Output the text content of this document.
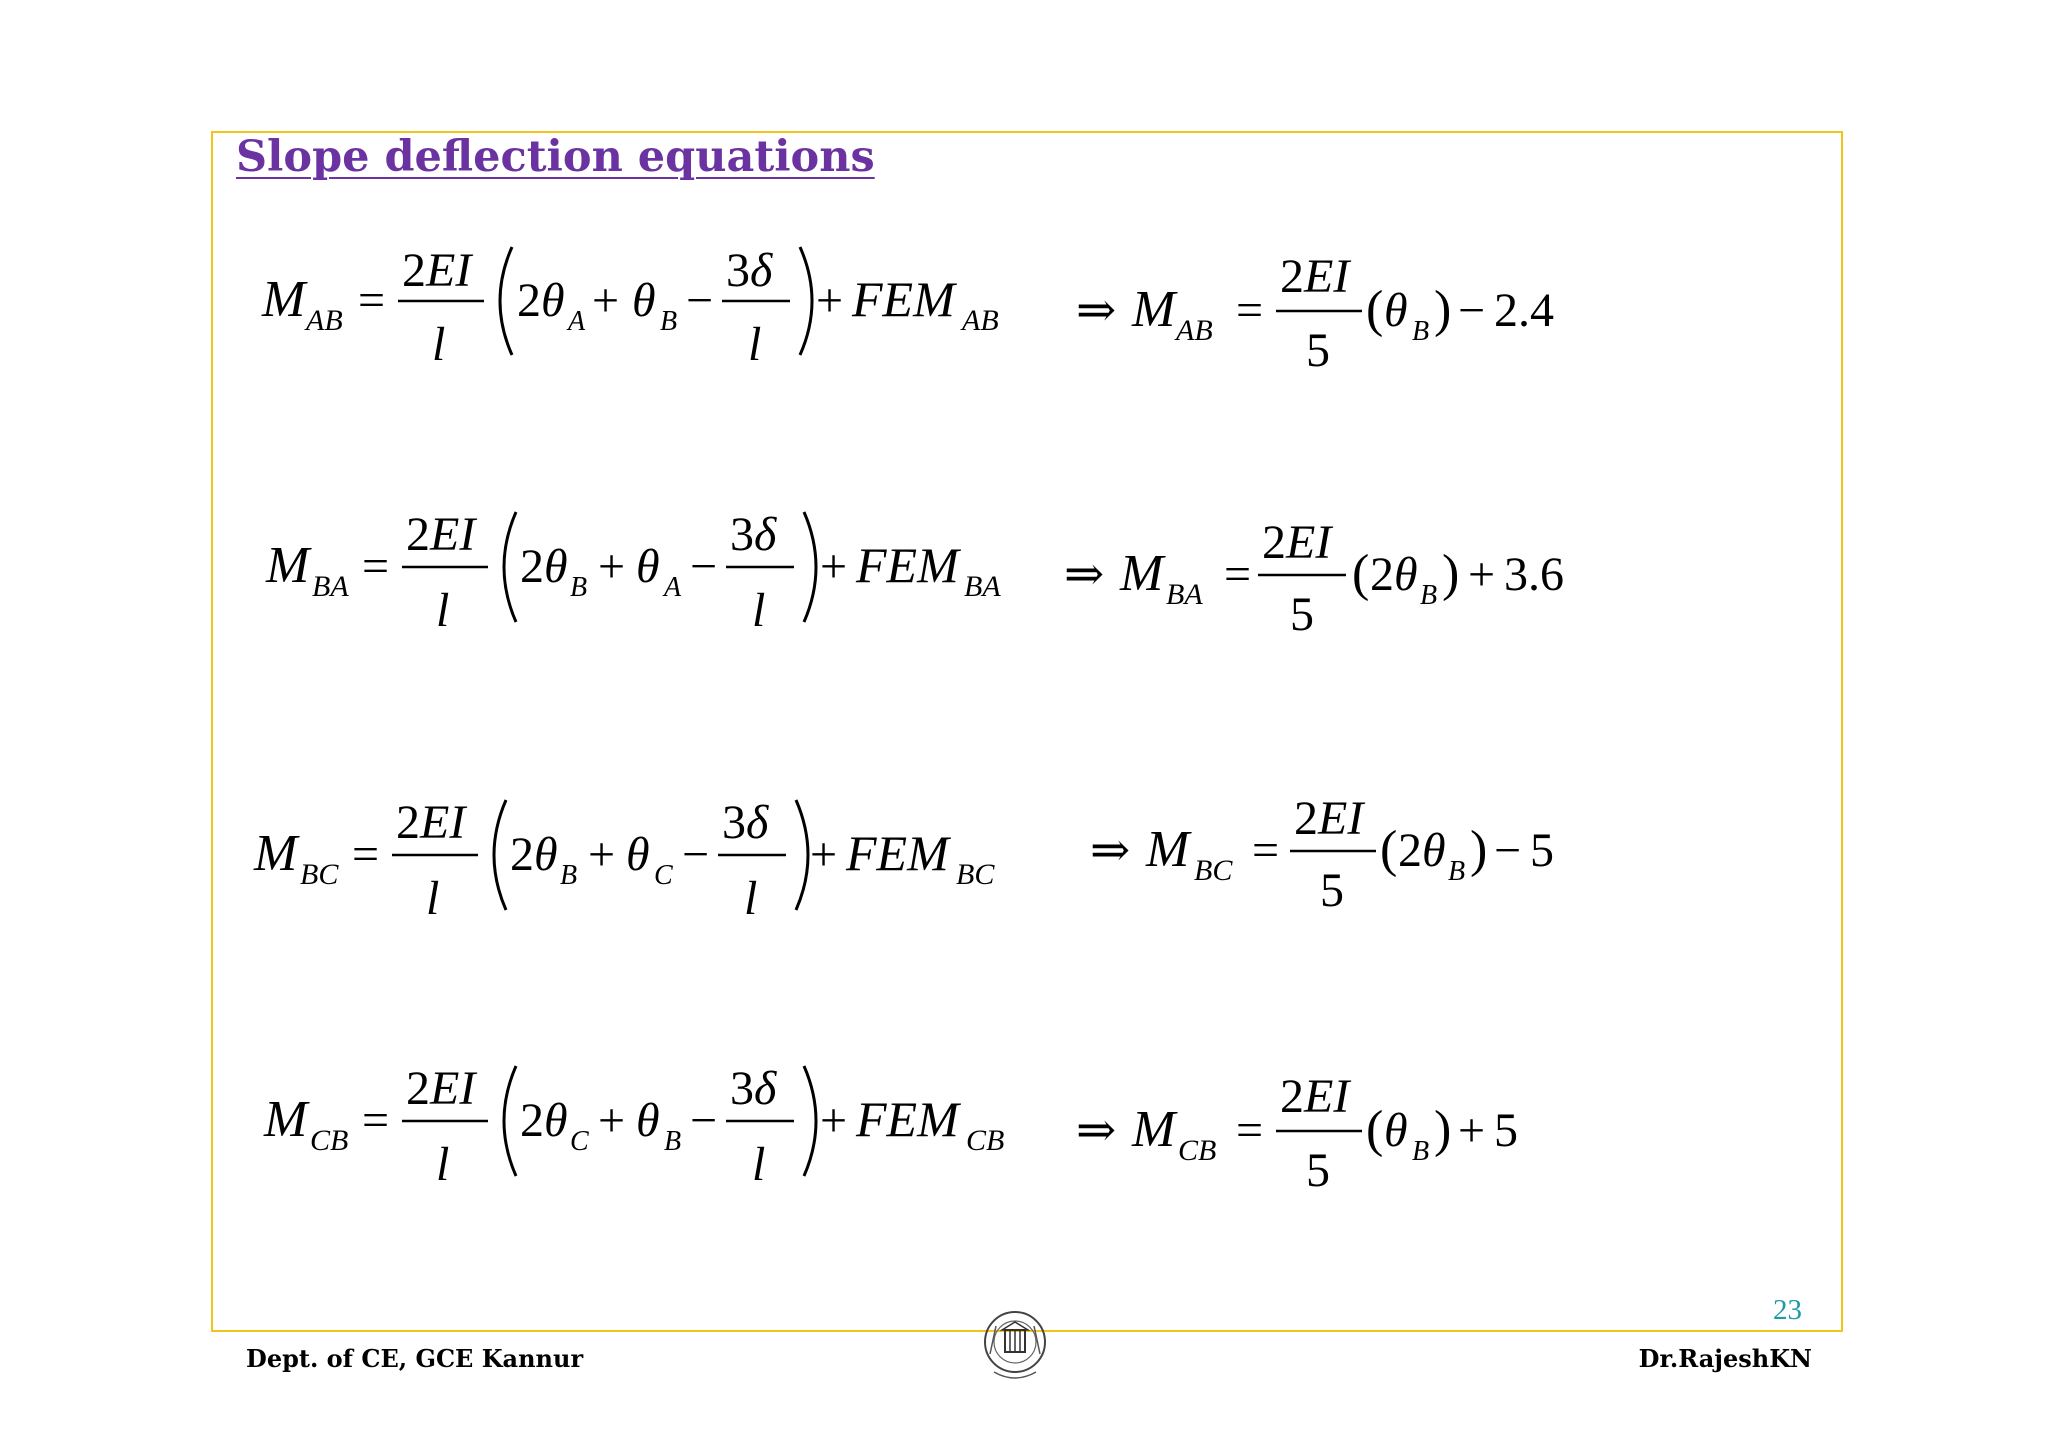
Slope deflection equations
M AB =
2EI
l
2θ A + θ B −
3δ
l
+ FEM AB ⇒ M AB =
2EI
5
( θ B ) − 2.4
M BA =
2EI
l
2θ B + θ A −
3δ
l
+ FEM BA ⇒ M BA =
2EI
5
( 2θ B ) + 3.6
M BC =
2EI
l
2θ B + θ C −
3δ
l
+ FEM BC ⇒ M BC =
2EI
5
( 2θ B ) − 5
M CB =
2EI
l
2θ C + θ B −
3δ
l
+ FEM CB ⇒ M CB =
2EI
5
( θ B ) + 5
23
Dept. of CE, GCE Kannur	Dr.RajeshKN
